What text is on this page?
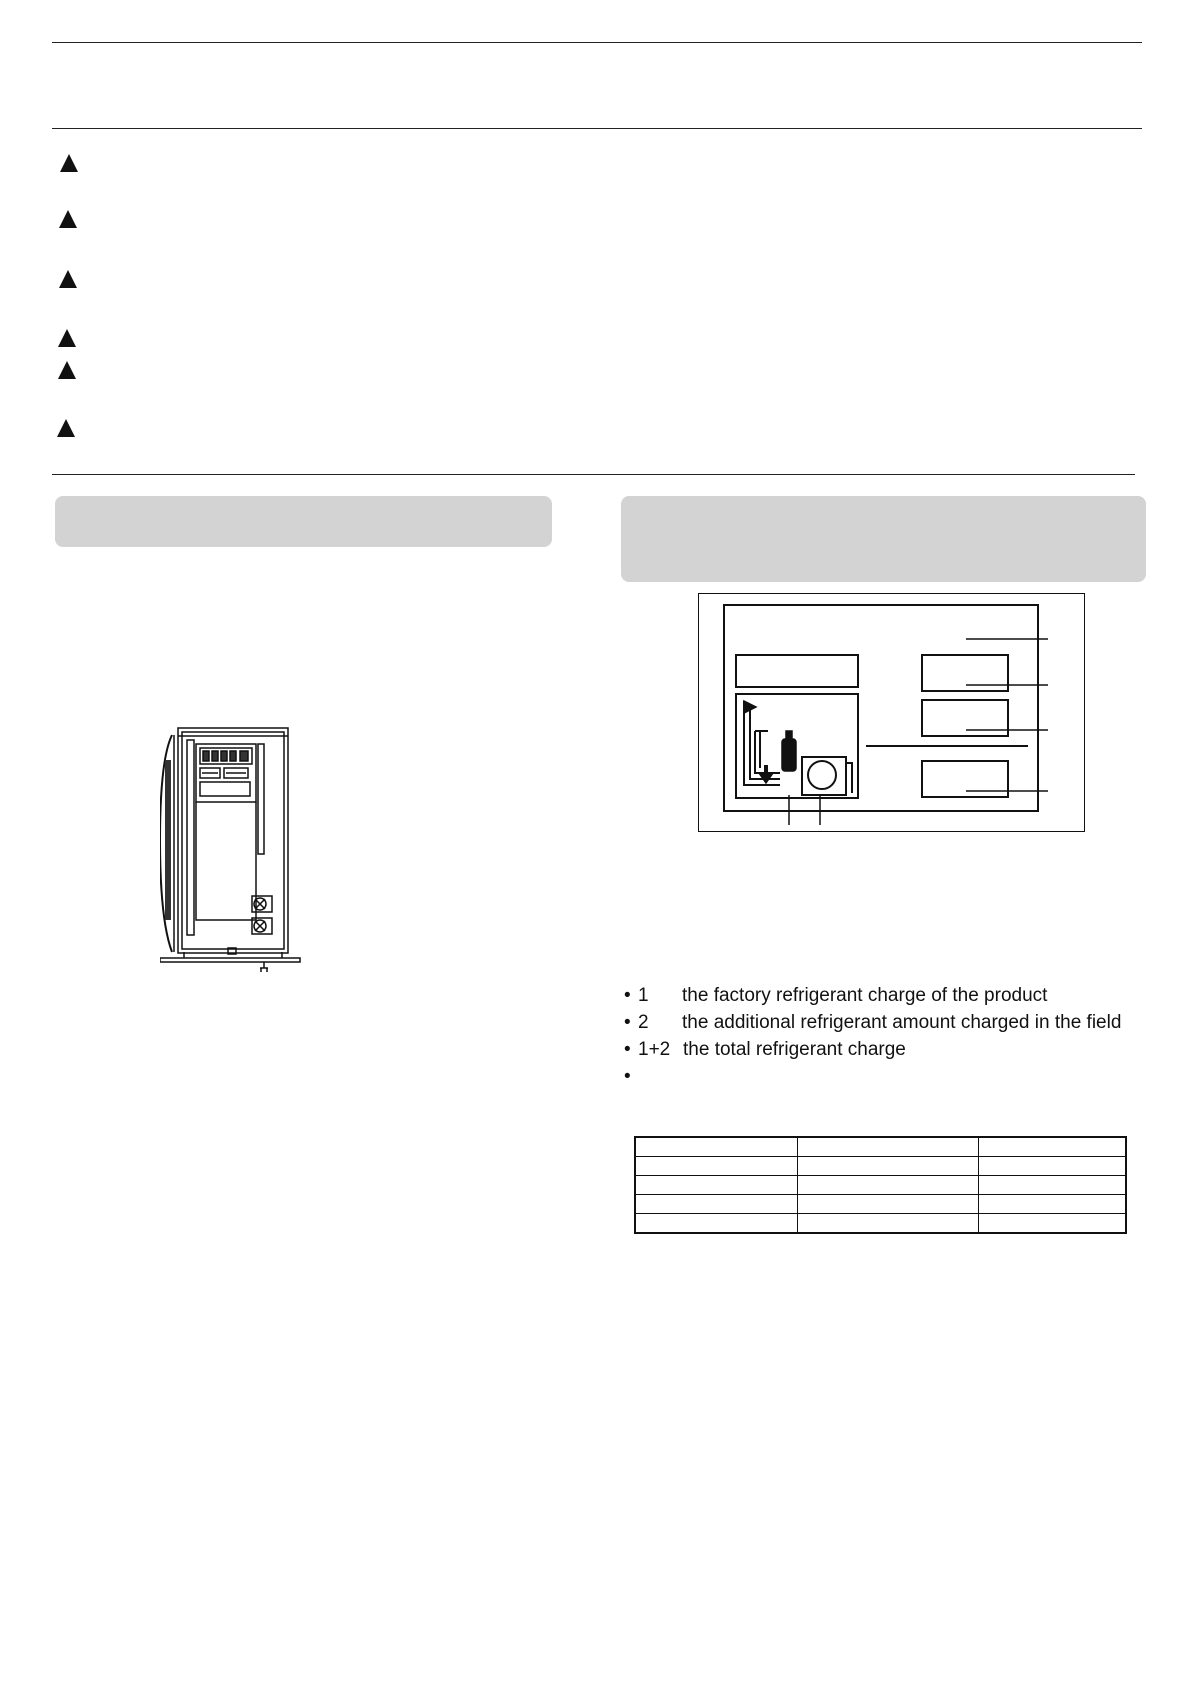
• 1 the factory refrigerant charge of the product
• 2 the additional refrigerant amount charged in the field
• 1+2 the total refrigerant charge
•
